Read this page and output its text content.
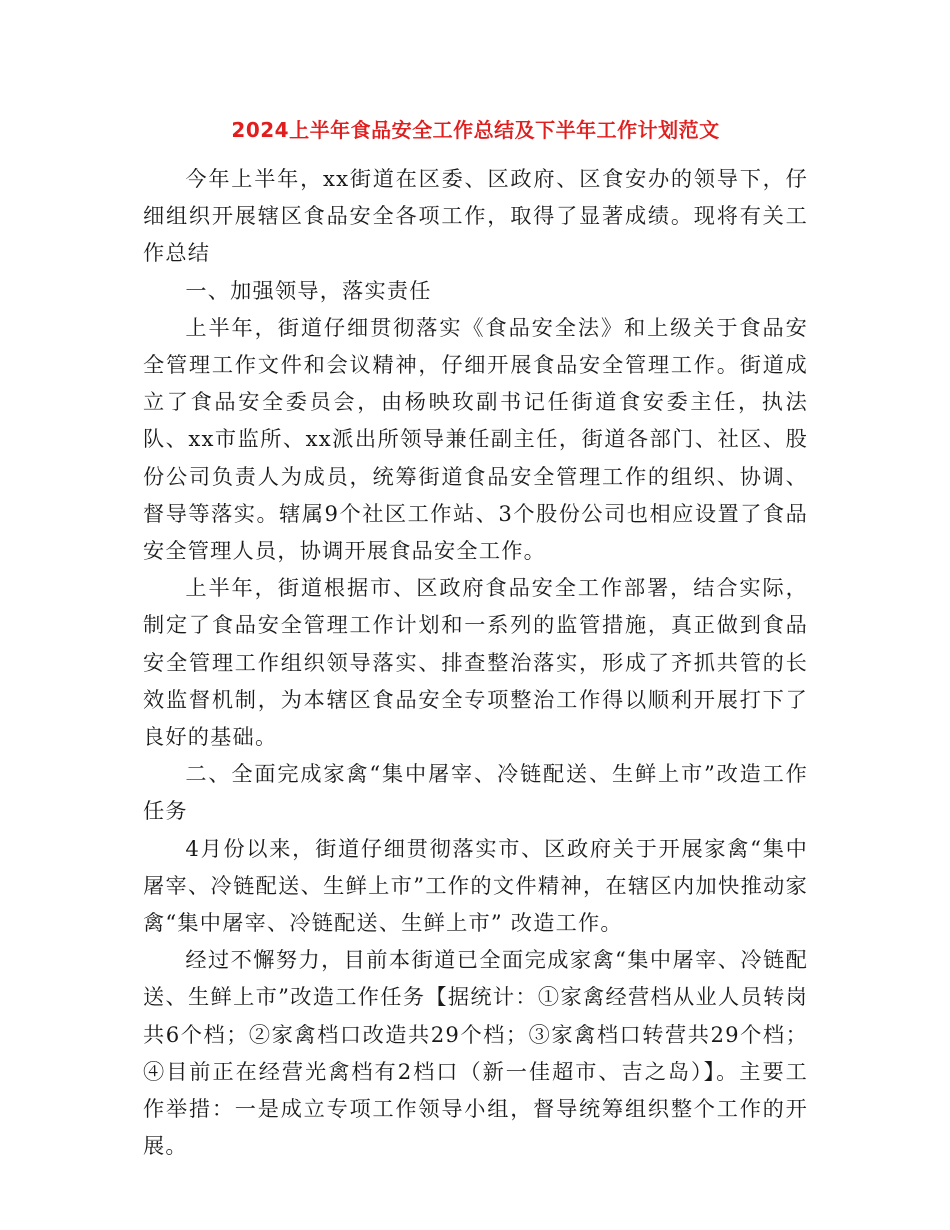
2024上半年食品安全工作总结及下半年工作计划范文

今年上半年，xx街道在区委、区政府、区食安办的领导下，仔细组织开展辖区食品安全各项工作，取得了显著成绩。现将有关工作总结

一、加强领导，落实责任

上半年，街道仔细贯彻落实《食品安全法》和上级关于食品安全管理工作文件和会议精神，仔细开展食品安全管理工作。街道成立了食品安全委员会，由杨映玫副书记任街道食安委主任，执法队、xx市监所、xx派出所领导兼任副主任，街道各部门、社区、股份公司负责人为成员，统筹街道食品安全管理工作的组织、协调、督导等落实。辖属9个社区工作站、3个股份公司也相应设置了食品安全管理人员，协调开展食品安全工作。

上半年，街道根据市、区政府食品安全工作部署，结合实际，制定了食品安全管理工作计划和一系列的监管措施，真正做到食品安全管理工作组织领导落实、排查整治落实，形成了齐抓共管的长效监督机制，为本辖区食品安全专项整治工作得以顺利开展打下了良好的基础。

二、全面完成家禽“集中屠宰、冷链配送、生鲜上市”改造工作任务

4月份以来，街道仔细贯彻落实市、区政府关于开展家禽“集中屠宰、冷链配送、生鲜上市”工作的文件精神，在辖区内加快推动家禽“集中屠宰、冷链配送、生鲜上市” 改造工作。

经过不懈努力，目前本街道已全面完成家禽“集中屠宰、冷链配送、生鲜上市”改造工作任务【据统计：①家禽经营档从业人员转岗共6个档；②家禽档口改造共29个档；③家禽档口转营共29个档；④目前正在经营光禽档有2档口（新一佳超市、吉之岛）】。主要工作举措：一是成立专项工作领导小组，督导统筹组织整个工作的开展。
